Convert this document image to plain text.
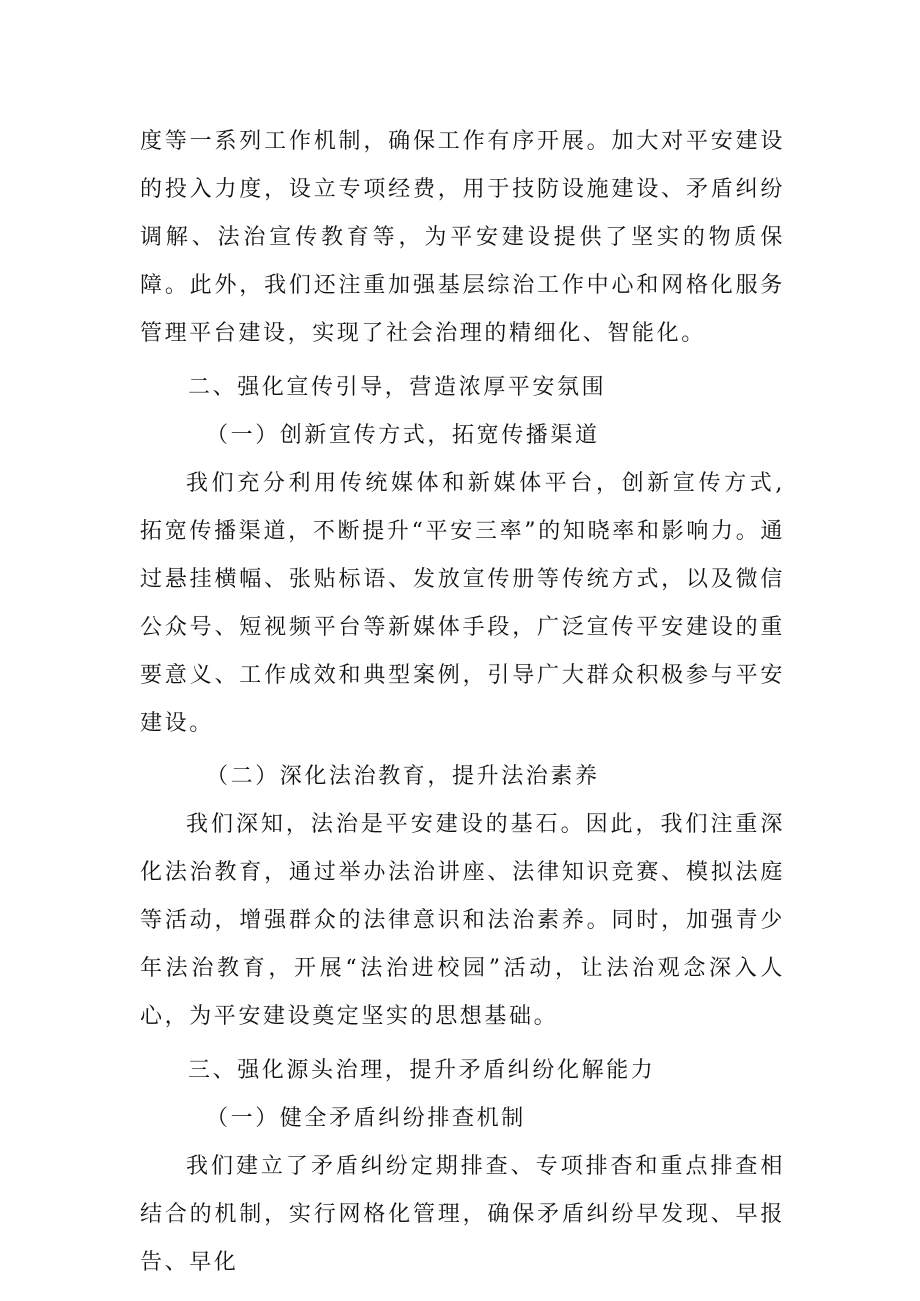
度等一系列工作机制，确保工作有序开展。加大对平安建设的投入力度，设立专项经费，用于技防设施建设、矛盾纠纷调解、法治宣传教育等，为平安建设提供了坚实的物质保障。此外，我们还注重加强基层综治工作中心和网格化服务管理平台建设，实现了社会治理的精细化、智能化。

二、强化宣传引导，营造浓厚平安氛围

（一）创新宣传方式，拓宽传播渠道

我们充分利用传统媒体和新媒体平台，创新宣传方式,拓宽传播渠道，不断提升“平安三率”的知晓率和影响力。通过悬挂横幅、张贴标语、发放宣传册等传统方式，以及微信公众号、短视频平台等新媒体手段，广泛宣传平安建设的重要意义、工作成效和典型案例，引导广大群众积极参与平安建设。

（二）深化法治教育，提升法治素养

我们深知，法治是平安建设的基石。因此，我们注重深化法治教育，通过举办法治讲座、法律知识竞赛、模拟法庭等活动，增强群众的法律意识和法治素养。同时，加强青少年法治教育，开展“法治进校园”活动，让法治观念深入人心，为平安建设奠定坚实的思想基础。

三、强化源头治理，提升矛盾纠纷化解能力

（一）健全矛盾纠纷排查机制

我们建立了矛盾纠纷定期排查、专项排杳和重点排查相结合的机制，实行网格化管理，确保矛盾纠纷早发现、早报告、早化
